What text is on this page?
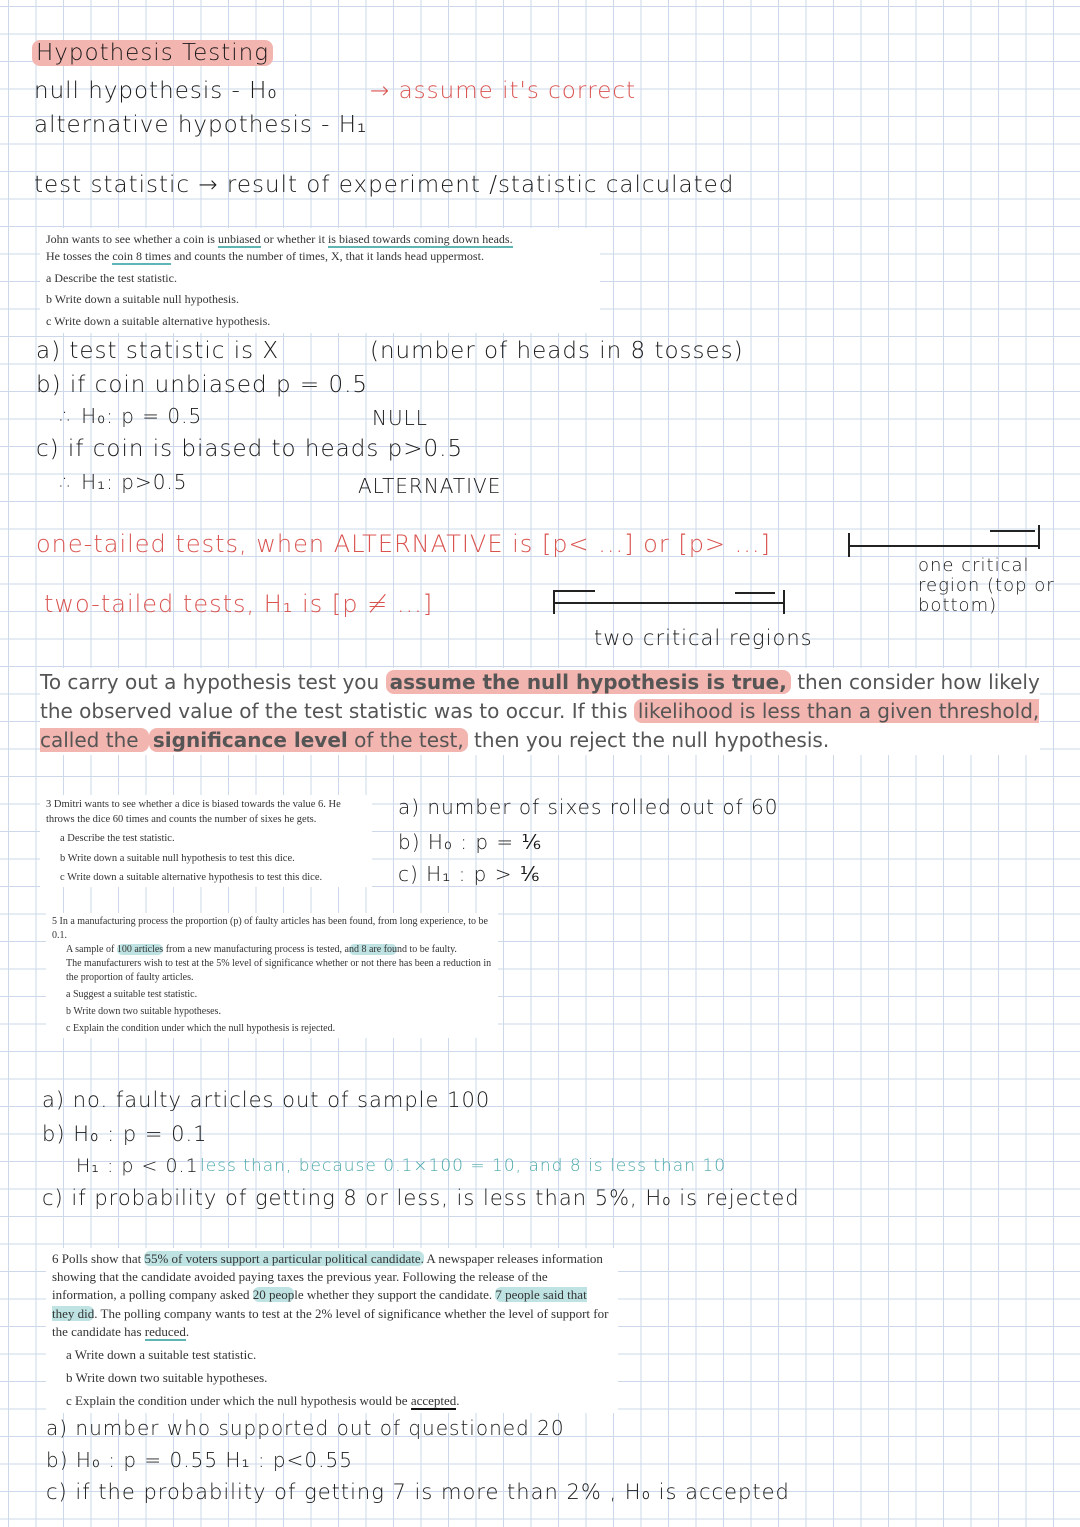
Hypothesis Testing
null hypothesis - H₀	→ assume it's correct
alternative hypothesis - H₁
test statistic → result of experiment /statistic calculated

John wants to see whether a coin is unbiased or whether it is biased towards coming down heads.

He tosses the coin 8 times and counts the number of times, X, that it lands head uppermost.

a Describe the test statistic.

b Write down a suitable null hypothesis.

c Write down a suitable alternative hypothesis.

a) test statistic is X	(number of heads in 8 tosses)
b) if coin unbiased p = 0.5
∴ H₀: p = 0.5	NULL
c) if coin is biased to heads p>0.5
∴ H₁: p>0.5	ALTERNATIVE
one-tailed tests, when ALTERNATIVE is [p< ...] or [p> ...]
two-tailed tests, H₁ is [p ≠ ...]
two critical regions
one critical region (top or bottom)
To carry out a hypothesis test you assume the null hypothesis is true, then consider how likely the observed value of the test statistic was to occur. If this likelihood is less than a given threshold, called the significance level of the test, then you reject the null hypothesis.

3 Dmitri wants to see whether a dice is biased towards the value 6. He throws the dice 60 times and counts the number of sixes he gets.

a Describe the test statistic.

b Write down a suitable null hypothesis to test this dice.

c Write down a suitable alternative hypothesis to test this dice.

a) number of sixes rolled out of 60
b) H₀ : p = ⅙
c) H₁ : p > ⅙

5 In a manufacturing process the proportion (p) of faulty articles has been found, from long experience, to be 0.1.

A sample of 100 articles from a new manufacturing process is tested, and 8 are found to be faulty.

The manufacturers wish to test at the 5% level of significance whether or not there has been a reduction in the proportion of faulty articles.

a Suggest a suitable test statistic.

b Write down two suitable hypotheses.

c Explain the condition under which the null hypothesis is rejected.

a) no. faulty articles out of sample 100
b) H₀ : p = 0.1
H₁ : p < 0.1 less than, because 0.1×100 = 10, and 8 is less than 10
c) if probability of getting 8 or less, is less than 5%, H₀ is rejected

6 Polls show that 55% of voters support a particular political candidate. A newspaper releases information showing that the candidate avoided paying taxes the previous year. Following the release of the information, a polling company asked 20 people whether they support the candidate. 7 people said that they did. The polling company wants to test at the 2% level of significance whether the level of support for the candidate has reduced.

a Write down a suitable test statistic.

b Write down two suitable hypotheses.

c Explain the condition under which the null hypothesis would be accepted.

a) number who supported out of questioned 20
b) H₀ : p = 0.55 H₁ : p<0.55
c) if the probability of getting 7 is more than 2% , H₀ is accepted
